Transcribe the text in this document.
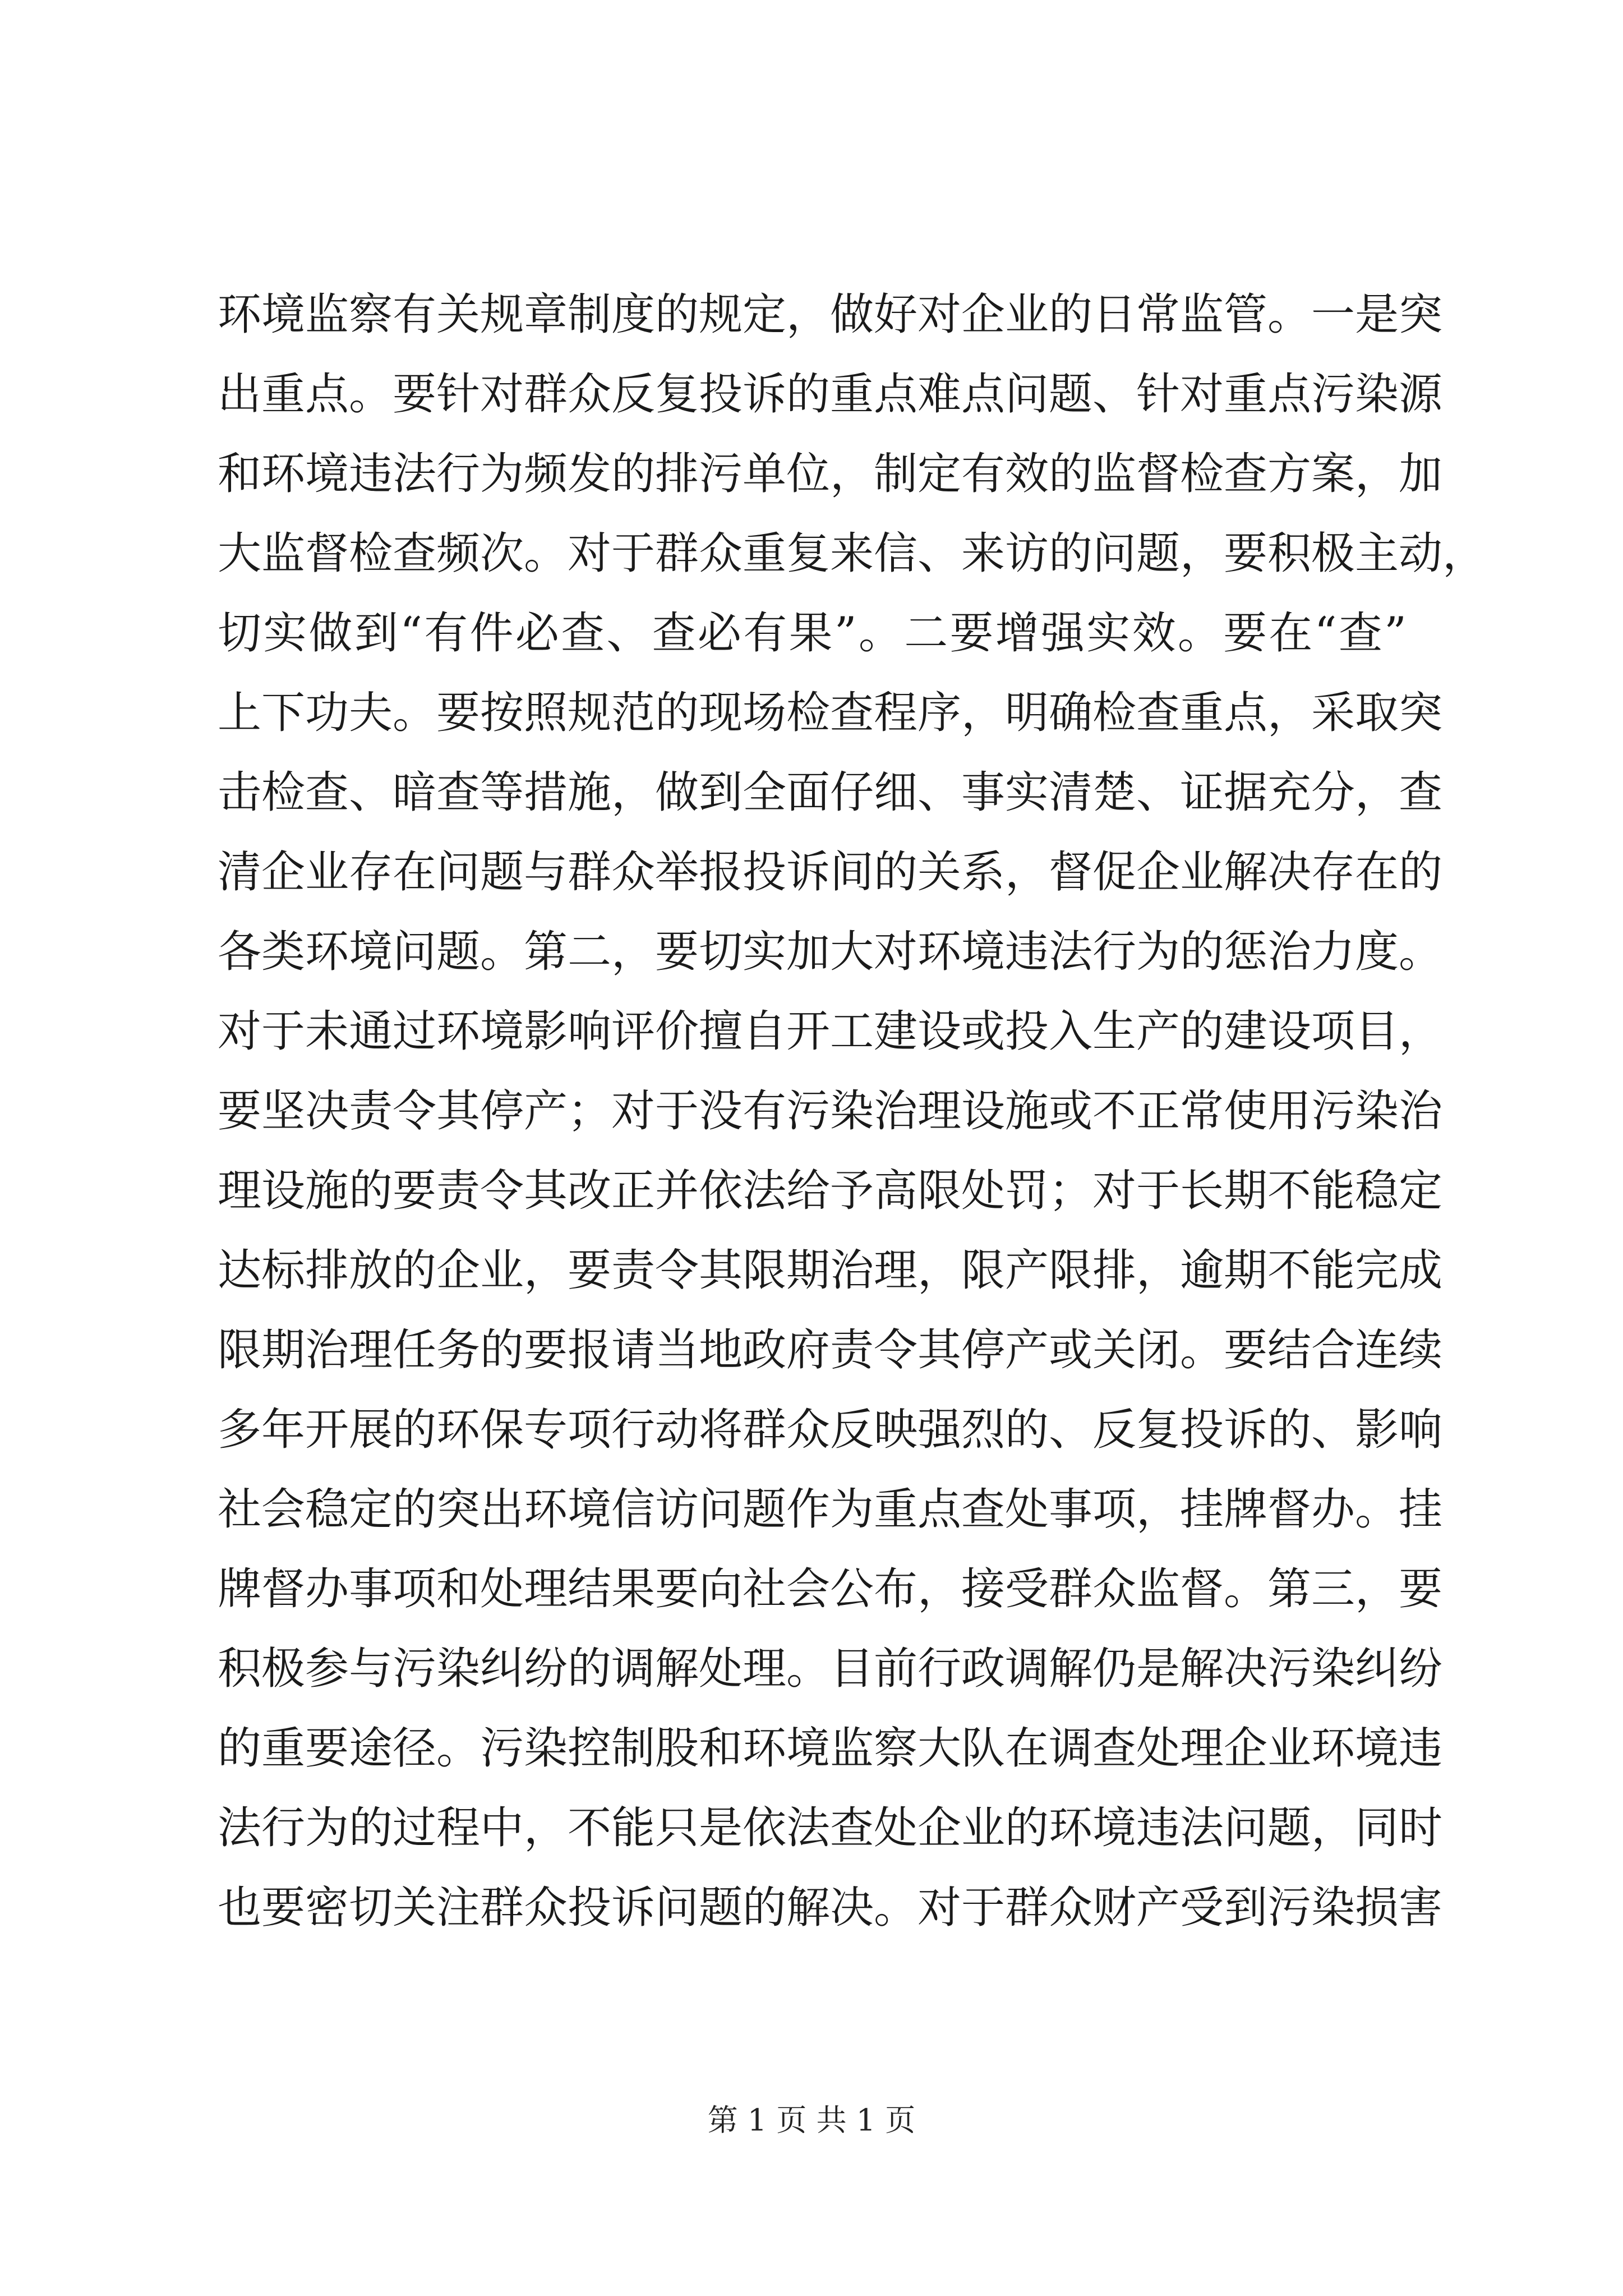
环境监察有关规章制度的规定，做好对企业的日常监管。一是突
出重点。要针对群众反复投诉的重点难点问题、针对重点污染源
和环境违法行为频发的排污单位，制定有效的监督检查方案，加
大监督检查频次。对于群众重复来信、来访的问题，要积极主动，
切实做到“有件必查、查必有果”。二要增强实效。要在“查”
上下功夫。要按照规范的现场检查程序，明确检查重点，采取突
击检查、暗查等措施，做到全面仔细、事实清楚、证据充分，查
清企业存在问题与群众举报投诉间的关系，督促企业解决存在的
各类环境问题。第二，要切实加大对环境违法行为的惩治力度。
对于未通过环境影响评价擅自开工建设或投入生产的建设项目，
要坚决责令其停产；对于没有污染治理设施或不正常使用污染治
理设施的要责令其改正并依法给予高限处罚；对于长期不能稳定
达标排放的企业，要责令其限期治理，限产限排，逾期不能完成
限期治理任务的要报请当地政府责令其停产或关闭。要结合连续
多年开展的环保专项行动将群众反映强烈的、反复投诉的、影响
社会稳定的突出环境信访问题作为重点查处事项，挂牌督办。挂
牌督办事项和处理结果要向社会公布，接受群众监督。第三，要
积极参与污染纠纷的调解处理。目前行政调解仍是解决污染纠纷
的重要途径。污染控制股和环境监察大队在调查处理企业环境违
法行为的过程中，不能只是依法查处企业的环境违法问题，同时
也要密切关注群众投诉问题的解决。对于群众财产受到污染损害
第 1 页 共 1 页
